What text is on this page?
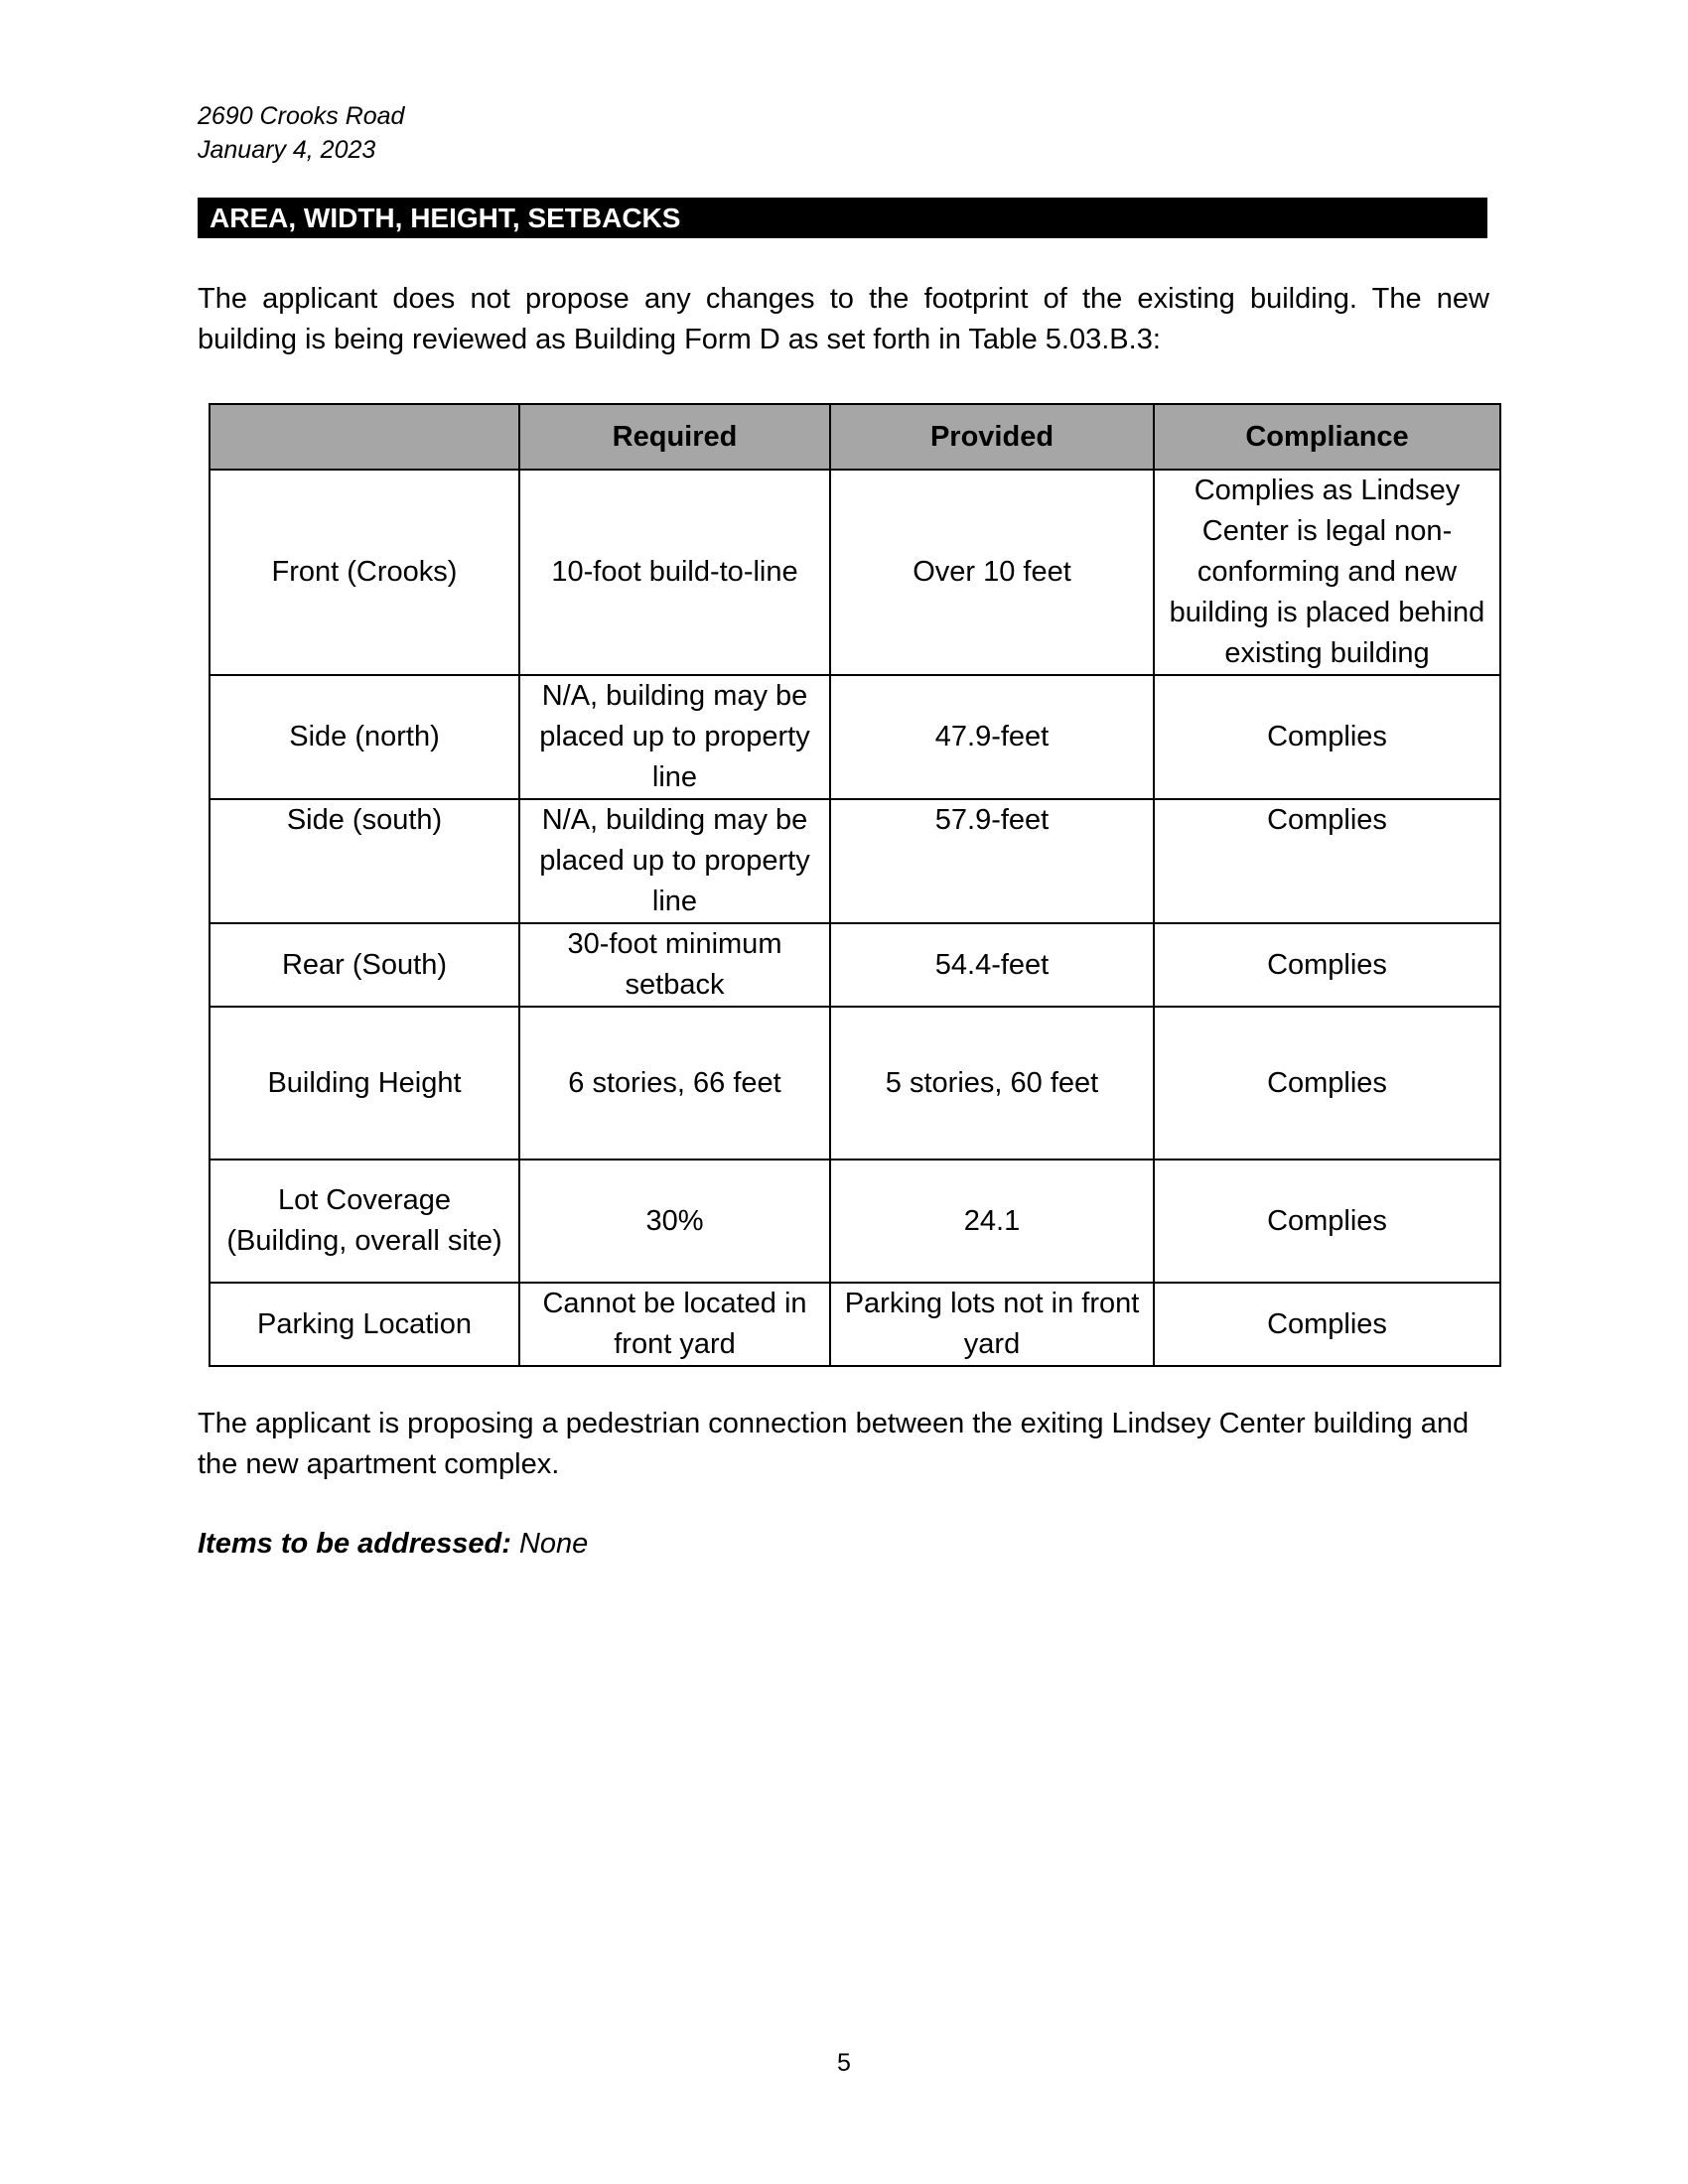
2690 Crooks Road
January 4, 2023
AREA, WIDTH, HEIGHT, SETBACKS

The applicant does not propose any changes to the footprint of the existing building. The new building is being reviewed as Building Form D as set forth in Table 5.03.B.3:

	Required	Provided	Compliance
Front (Crooks)	10-foot build-to-line	Over 10 feet	Complies as Lindsey Center is legal non-conforming and new building is placed behind existing building
Side (north)	N/A, building may be placed up to property line	47.9-feet	Complies
Side (south)	N/A, building may be placed up to property line	57.9-feet	Complies
Rear (South)	30-foot minimum setback	54.4-feet	Complies
Building Height	6 stories, 66 feet	5 stories, 60 feet	Complies
Lot Coverage (Building, overall site)	30%	24.1	Complies
Parking Location	Cannot be located in front yard	Parking lots not in front yard	Complies

The applicant is proposing a pedestrian connection between the exiting Lindsey Center building and the new apartment complex.

Items to be addressed: None

5
